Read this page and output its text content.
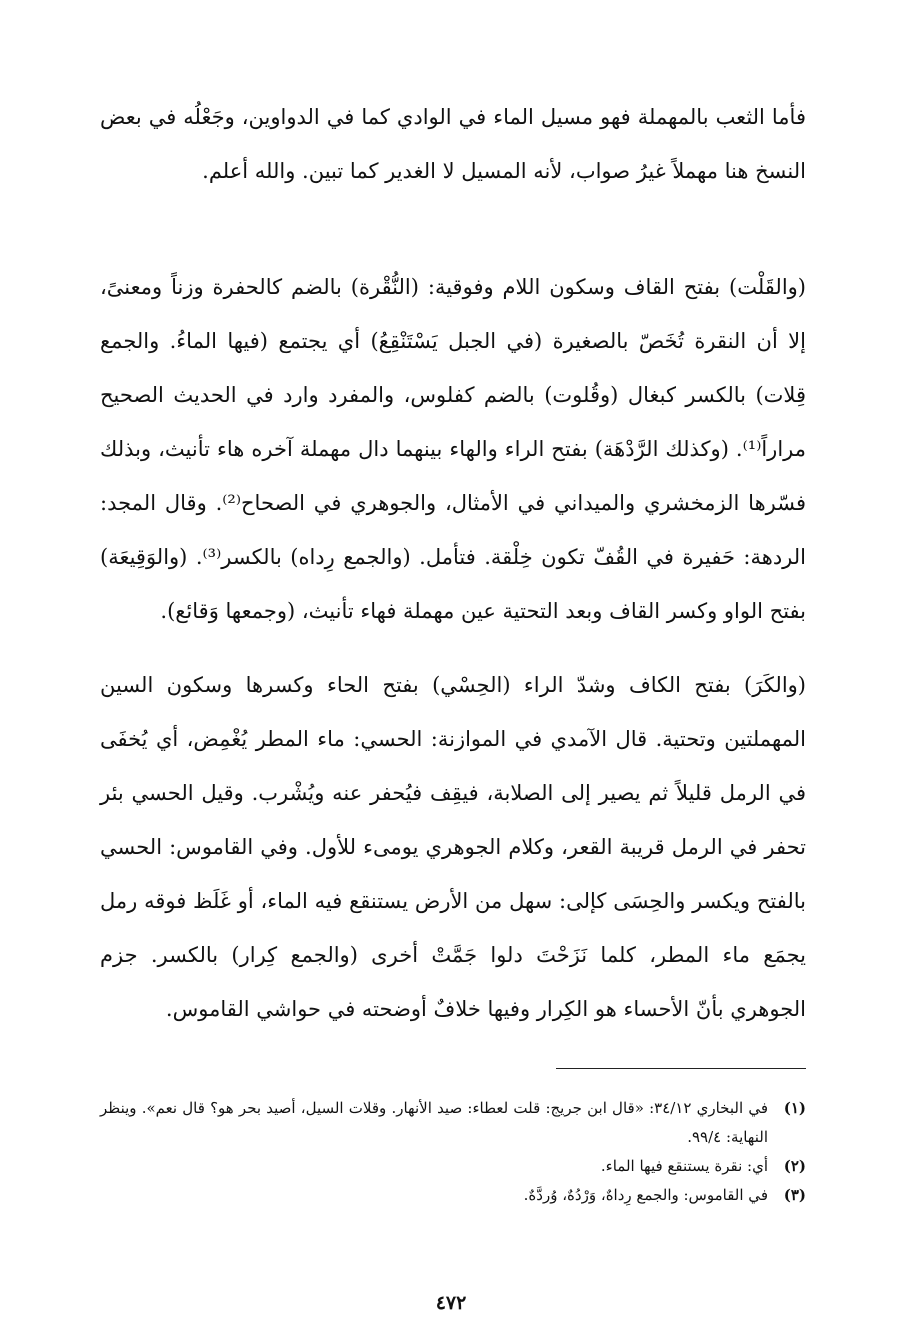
فأما الثعب بالمهملة فهو مسيل الماء في الوادي كما في الدواوين، وجَعْلُه في بعض النسخ هنا مهملاً غيرُ صواب، لأنه المسيل لا الغدير كما تبين. والله أعلم.
(والقَلْت) بفتح القاف وسكون اللام وفوقية: (النُّقْرة) بالضم كالحفرة وزناً ومعنىً، إلا أن النقرة تُخَصّ بالصغيرة (في الجبل يَسْتَنْقِعُ) أي يجتمع (فيها الماءُ. والجمع قِلات) بالكسر كبغال (وقُلوت) بالضم كفلوس، والمفرد وارد في الحديث الصحيح مراراً⁽¹⁾. (وكذلك الرَّدْهَة) بفتح الراء والهاء بينهما دال مهملة آخره هاء تأنيث، وبذلك فسّرها الزمخشري والميداني في الأمثال، والجوهري في الصحاح⁽²⁾. وقال المجد: الردهة: حَفيرة في القُفّ تكون خِلْقة. فتأمل. (والجمع رِداه) بالكسر⁽³⁾. (والوَقِيعَة) بفتح الواو وكسر القاف وبعد التحتية عين مهملة فهاء تأنيث، (وجمعها وَقائع).
(والكَرَ) بفتح الكاف وشدّ الراء (الحِسْي) بفتح الحاء وكسرها وسكون السين المهملتين وتحتية. قال الآمدي في الموازنة: الحسي: ماء المطر يُغْمِض، أي يُخفَى في الرمل قليلاً ثم يصير إلى الصلابة، فيقِف فيُحفر عنه ويُشْرب. وقيل الحسي بئر تحفر في الرمل قريبة القعر، وكلام الجوهري يومىء للأول. وفي القاموس: الحسي بالفتح ويكسر والحِسَى كإلى: سهل من الأرض يستنقع فيه الماء، أو غَلَظ فوقه رمل يجمَع ماء المطر، كلما نَزَحْتَ دلوا جَمَّتْ أخرى (والجمع كِرار) بالكسر. جزم الجوهري بأنّ الأحساء هو الكِرار وفيها خلافٌ أوضحته في حواشي القاموس.
(١)
في البخاري ٣٤/١٢: «قال ابن جريج: قلت لعطاء: صيد الأنهار. وقلات السيل، أصيد بحر هو؟ قال نعم». وينظر النهاية: ٩٩/٤.
(٢)
أي: نقرة يستنقع فيها الماء.
(٣)
في القاموس: والجمع رِداهٌ، وَرْدُهٌ، وُردَّهٌ.
٤٧٢
